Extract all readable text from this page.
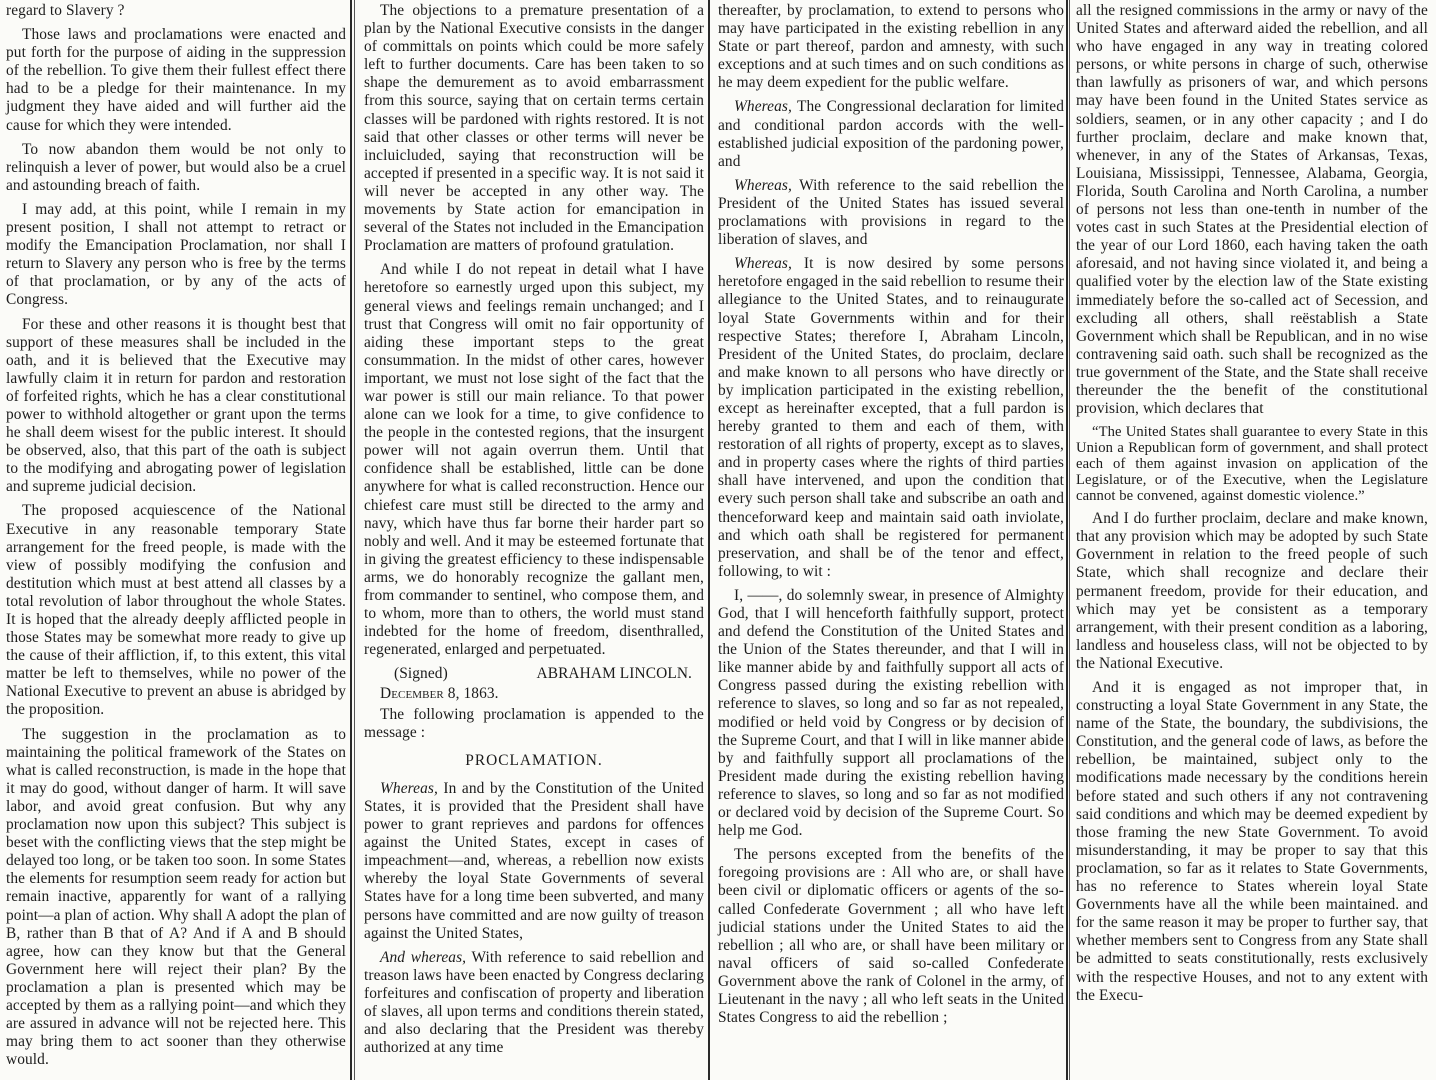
regard to Slavery ?

Those laws and proclamations were enacted and put forth for the purpose of aiding in the suppression of the rebellion. To give them their fullest effect there had to be a pledge for their maintenance. In my judgment they have aided and will further aid the cause for which they were intended.

To now abandon them would be not only to relinquish a lever of power, but would also be a cruel and astounding breach of faith.

I may add, at this point, while I remain in my present position, I shall not attempt to retract or modify the Emancipation Proclamation, nor shall I return to Slavery any person who is free by the terms of that proclamation, or by any of the acts of Congress.

For these and other reasons it is thought best that support of these measures shall be included in the oath, and it is believed that the Executive may lawfully claim it in return for pardon and restoration of forfeited rights, which he has a clear constitutional power to withhold altogether or grant upon the terms he shall deem wisest for the public interest. It should be observed, also, that this part of the oath is subject to the modifying and abrogating power of legislation and supreme judicial decision.

The proposed acquiescence of the National Executive in any reasonable temporary State arrangement for the freed people, is made with the view of possibly modifying the confusion and destitution which must at best attend all classes by a total revolution of labor throughout the whole States. It is hoped that the already deeply afflicted people in those States may be somewhat more ready to give up the cause of their affliction, if, to this extent, this vital matter be left to themselves, while no power of the National Executive to prevent an abuse is abridged by the proposition.

The suggestion in the proclamation as to maintaining the political framework of the States on what is called reconstruction, is made in the hope that it may do good, without danger of harm. It will save labor, and avoid great confusion. But why any proclamation now upon this subject? This subject is beset with the conflicting views that the step might be delayed too long, or be taken too soon. In some States the elements for resumption seem ready for action but remain inactive, apparently for want of a rallying point—a plan of action. Why shall A adopt the plan of B, rather than B that of A? And if A and B should agree, how can they know but that the General Government here will reject their plan? By the proclamation a plan is presented which may be accepted by them as a rallying point—and which they are assured in advance will not be rejected here. This may bring them to act sooner than they otherwise would.

The objections to a premature presentation of a plan by the National Executive consists in the danger of committals on points which could be more safely left to further documents. Care has been taken to so shape the demurement as to avoid embarrassment from this source, saying that on certain terms certain classes will be pardoned with rights restored. It is not said that other classes or other terms will never be incluicluded, saying that reconstruction will be accepted if presented in a specific way. It is not said it will never be accepted in any other way. The movements by State action for emancipation in several of the States not included in the Emancipation Proclamation are matters of profound gratulation.

And while I do not repeat in detail what I have heretofore so earnestly urged upon this subject, my general views and feelings remain unchanged; and I trust that Congress will omit no fair opportunity of aiding these important steps to the great consummation. In the midst of other cares, however important, we must not lose sight of the fact that the war power is still our main reliance. To that power alone can we look for a time, to give confidence to the people in the contested regions, that the insurgent power will not again overrun them. Until that confidence shall be established, little can be done anywhere for what is called reconstruction. Hence our chiefest care must still be directed to the army and navy, which have thus far borne their harder part so nobly and well. And it may be esteemed fortunate that in giving the greatest efficiency to these indispensable arms, we do honorably recognize the gallant men, from commander to sentinel, who compose them, and to whom, more than to others, the world must stand indebted for the home of freedom, disenthralled, regenerated, enlarged and perpetuated.

(Signed)	ABRAHAM LINCOLN.
December 8, 1863.

The following proclamation is appended to the message :

PROCLAMATION.

Whereas, In and by the Constitution of the United States, it is provided that the President shall have power to grant reprieves and pardons for offences against the United States, except in cases of impeachment—and, whereas, a rebellion now exists whereby the loyal State Governments of several States have for a long time been subverted, and many persons have committed and are now guilty of treason against the United States,

And whereas, With reference to said rebellion and treason laws have been enacted by Congress declaring forfeitures and confiscation of property and liberation of slaves, all upon terms and conditions therein stated, and also declaring that the President was thereby authorized at any time

thereafter, by proclamation, to extend to persons who may have participated in the existing rebellion in any State or part thereof, pardon and amnesty, with such exceptions and at such times and on such conditions as he may deem expedient for the public welfare.

Whereas, The Congressional declaration for limited and conditional pardon accords with the well-established judicial exposition of the pardoning power, and

Whereas, With reference to the said rebellion the President of the United States has issued several proclamations with provisions in regard to the liberation of slaves, and

Whereas, It is now desired by some persons heretofore engaged in the said rebellion to resume their allegiance to the United States, and to reinaugurate loyal State Governments within and for their respective States; therefore I, Abraham Lincoln, President of the United States, do proclaim, declare and make known to all persons who have directly or by implication participated in the existing rebellion, except as hereinafter excepted, that a full pardon is hereby granted to them and each of them, with restoration of all rights of property, except as to slaves, and in property cases where the rights of third parties shall have intervened, and upon the condition that every such person shall take and subscribe an oath and thenceforward keep and maintain said oath inviolate, and which oath shall be registered for permanent preservation, and shall be of the tenor and effect, following, to wit :

I, ——, do solemnly swear, in presence of Almighty God, that I will henceforth faithfully support, protect and defend the Constitution of the United States and the Union of the States thereunder, and that I will in like manner abide by and faithfully support all acts of Congress passed during the existing rebellion with reference to slaves, so long and so far as not repealed, modified or held void by Congress or by decision of the Supreme Court, and that I will in like manner abide by and faithfully support all proclamations of the President made during the existing rebellion having reference to slaves, so long and so far as not modified or declared void by decision of the Supreme Court. So help me God.

The persons excepted from the benefits of the foregoing provisions are : All who are, or shall have been civil or diplomatic officers or agents of the so-called Confederate Government ; all who have left judicial stations under the United States to aid the rebellion ; all who are, or shall have been military or naval officers of said so-called Confederate Government above the rank of Colonel in the army, of Lieutenant in the navy ; all who left seats in the United States Congress to aid the rebellion ;

all the resigned commissions in the army or navy of the United States and afterward aided the rebellion, and all who have engaged in any way in treating colored persons, or white persons in charge of such, otherwise than lawfully as prisoners of war, and which persons may have been found in the United States service as soldiers, seamen, or in any other capacity ; and I do further proclaim, declare and make known that, whenever, in any of the States of Arkansas, Texas, Louisiana, Mississippi, Tennessee, Alabama, Georgia, Florida, South Carolina and North Carolina, a number of persons not less than one-tenth in number of the votes cast in such States at the Presidential election of the year of our Lord 1860, each having taken the oath aforesaid, and not having since violated it, and being a qualified voter by the election law of the State existing immediately before the so-called act of Secession, and excluding all others, shall reëstablish a State Government which shall be Republican, and in no wise contravening said oath. such shall be recognized as the true government of the State, and the State shall receive thereunder the the benefit of the constitutional provision, which declares that

“The United States shall guarantee to every State in this Union a Republican form of government, and shall protect each of them against invasion on application of the Legislature, or of the Executive, when the Legislature cannot be convened, against domestic violence.”

And I do further proclaim, declare and make known, that any provision which may be adopted by such State Government in relation to the freed people of such State, which shall recognize and declare their permanent freedom, provide for their education, and which may yet be consistent as a temporary arrangement, with their present condition as a laboring, landless and houseless class, will not be objected to by the National Executive.

And it is engaged as not improper that, in constructing a loyal State Government in any State, the name of the State, the boundary, the subdivisions, the Constitution, and the general code of laws, as before the rebellion, be maintained, subject only to the modifications made necessary by the conditions herein before stated and such others if any not contravening said conditions and which may be deemed expedient by those framing the new State Government. To avoid misunderstanding, it may be proper to say that this proclamation, so far as it relates to State Governments, has no reference to States wherein loyal State Governments have all the while been maintained. and for the same reason it may be proper to further say, that whether members sent to Congress from any State shall be admitted to seats constitutionally, rests exclusively with the respective Houses, and not to any extent with the Execu-
